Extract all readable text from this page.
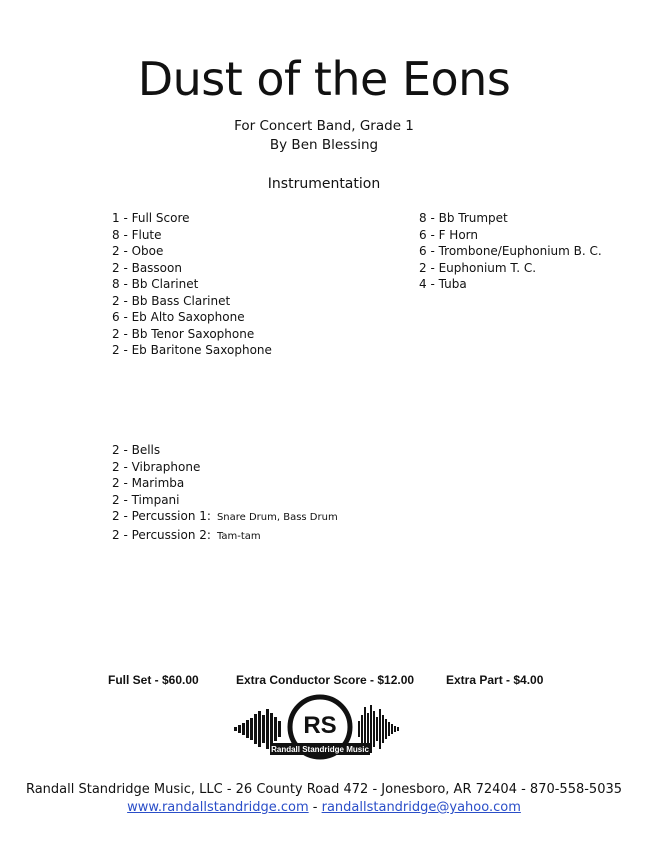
Dust of the Eons
For Concert Band, Grade 1
By Ben Blessing
Instrumentation
1 - Full Score
8 - Flute
2 - Oboe
2 - Bassoon
8 - Bb Clarinet
2 - Bb Bass Clarinet
6 - Eb Alto Saxophone
2 - Bb Tenor Saxophone
2 - Eb Baritone Saxophone
8 - Bb Trumpet
6 - F Horn
6 - Trombone/Euphonium B. C.
2 - Euphonium T. C.
4 - Tuba
2 - Bells
2 - Vibraphone
2 - Marimba
2 - Timpani
2 - Percussion 1: Snare Drum, Bass Drum
2 - Percussion 2: Tam-tam
Full Set - $60.00	Extra Conductor Score - $12.00	Extra Part - $4.00
RS
Randall Standridge Music
Randall Standridge Music, LLC - 26 County Road 472 - Jonesboro, AR 72404 - 870-558-5035
www.randallstandridge.com - randallstandridge@yahoo.com
